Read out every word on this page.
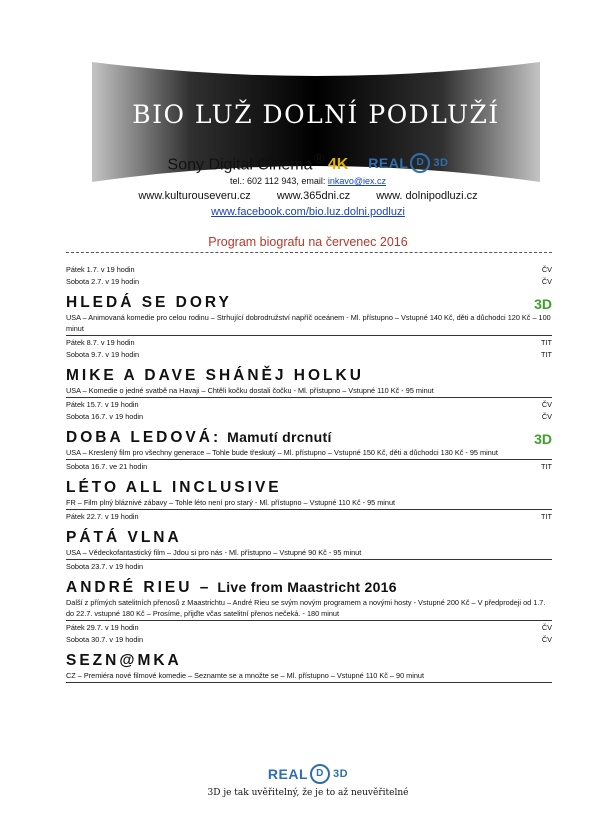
BIO LUŽ DOLNÍ PODLUŽÍ
Sony Digital Cinema® 4K REAL D 3D
tel.: 602 112 943, email: inkavo@iex.cz
www.kulturouseveru.cz www.365dni.cz www. dolnipodluzi.cz
www.facebook.com/bio.luz.dolni.podluzi
Program biografu na červenec 2016
Pátek 1.7. v 19 hodin	ČV
Sobota 2.7. v 19 hodin	ČV
HLEDÁ SE DORY	3D
USA – Animovaná komedie pro celou rodinu – Strhující dobrodružství napříč oceánem - Ml. přístupno – Vstupné 140 Kč, děti a důchodci 120 Kč – 100 minut
Pátek 8.7. v 19 hodin	TIT
Sobota 9.7. v 19 hodin	TIT
MIKE A DAVE SHÁNĚJ HOLKU
USA – Komedie o jedné svatbě na Havaji – Chtěli kočku dostali čočku - Ml. přístupno – Vstupné 110 Kč - 95 minut
Pátek 15.7. v 19 hodin	ČV
Sobota 16.7. v 19 hodin	ČV
DOBA LEDOVÁ: Mamutí drcnutí	3D
USA – Kreslený film pro všechny generace – Tohle bude třeskutý – Ml. přístupno – Vstupné 150 Kč, děti a důchodci 130 Kč - 95 minut
Sobota 16.7. ve 21 hodin	TIT
LÉTO ALL INCLUSIVE
FR – Film plný bláznivé zábavy – Tohle léto není pro starý - Ml. přístupno – Vstupné 110 Kč - 95 minut
Pátek 22.7. v 19 hodin	TIT
PÁTÁ VLNA
USA – Vědeckofantastický film – Jdou si pro nás - Ml. přístupno – Vstupné 90 Kč - 95 minut
Sobota 23.7. v 19 hodin
ANDRÉ RIEU – Live from Maastricht 2016
Další z přímých satelitních přenosů z Maastrichtu – André Rieu se svým novým programem a novými hosty - Vstupné 200 Kč – V předprodeji od 1.7. do 22.7. vstupné 180 Kč – Prosíme, přijďte včas satelitní přenos nečeká. - 180 minut
Pátek 29.7. v 19 hodin	ČV
Sobota 30.7. v 19 hodin	ČV
SEZN@MKA
CZ – Premiéra nové filmové komedie – Seznamte se a množte se – Ml. přístupno – Vstupné 110 Kč – 90 minut
REAL D 3D
3D je tak uvěřitelný, že je to až neuvěřitelné
